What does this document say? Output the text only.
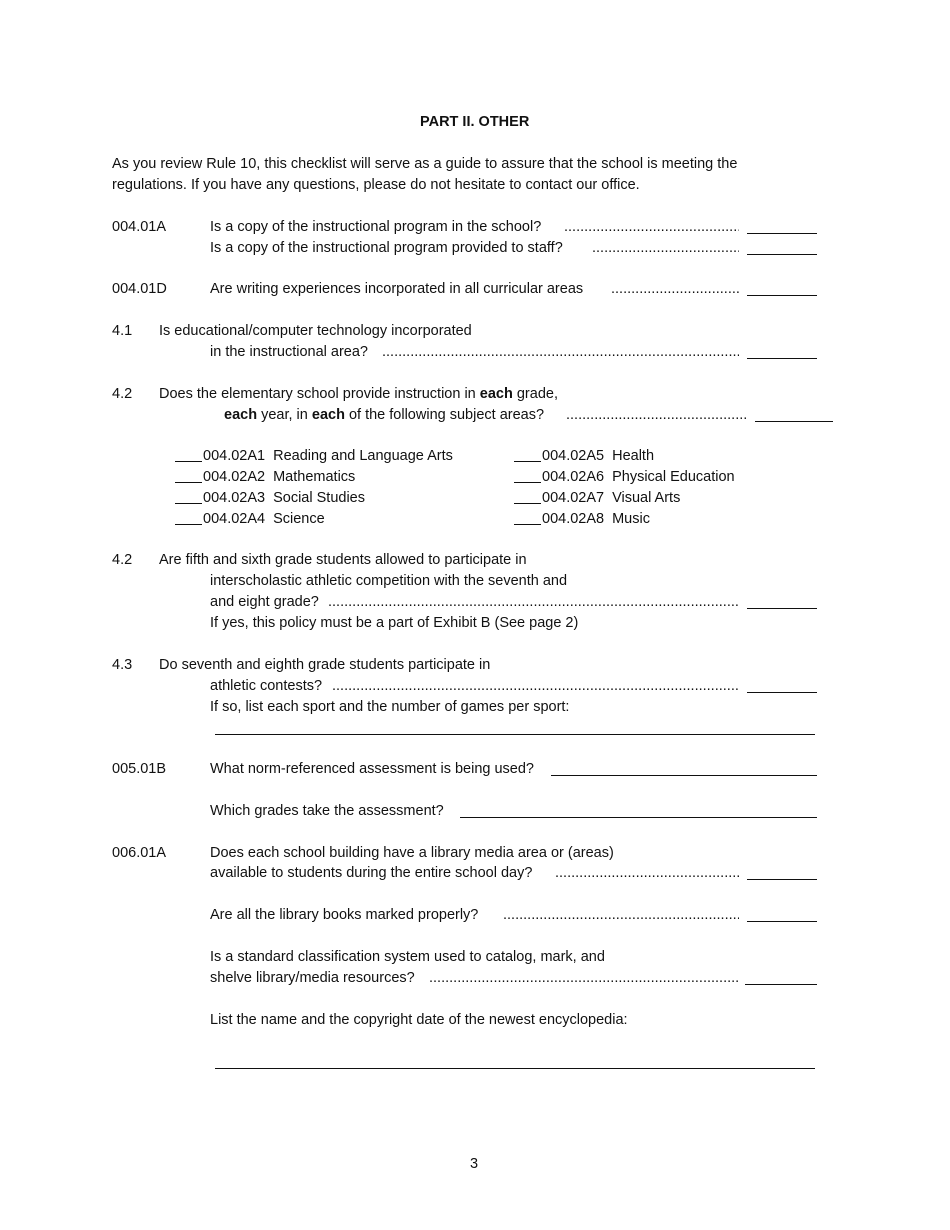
PART II. OTHER
As you review Rule 10, this checklist will serve as a guide to assure that the school is meeting the
regulations. If you have any questions, please do not hesitate to contact our office.
004.01A	Is a copy of the instructional program in the school?
.....
Is a copy of the instructional program provided to staff?
.....
004.01D	Are writing experiences incorporated in all curricular areas
.....
4.1 Is educational/computer technology incorporated
in the instructional area?
.....
4.2 Does the elementary school provide instruction in each grade,
each year, in each of the following subject areas?
.....
004.02A1 Reading and Language Arts
004.02A2 Mathematics
004.02A3 Social Studies
004.02A4 Science
004.02A5 Health
004.02A6 Physical Education
004.02A7 Visual Arts
004.02A8 Music
4.2 Are fifth and sixth grade students allowed to participate in
interscholastic athletic competition with the seventh and
and eight grade?
.....
If yes, this policy must be a part of Exhibit B (See page 2)
4.3 Do seventh and eighth grade students participate in
athletic contests?
.....
If so, list each sport and the number of games per sport:
005.01B	What norm-referenced assessment is being used?
Which grades take the assessment?
006.01A	Does each school building have a library media area or (areas)
available to students during the entire school day?
.....
Are all the library books marked properly?
.....
Is a standard classification system used to catalog, mark, and
shelve library/media resources?
.....
List the name and the copyright date of the newest encyclopedia:
3
